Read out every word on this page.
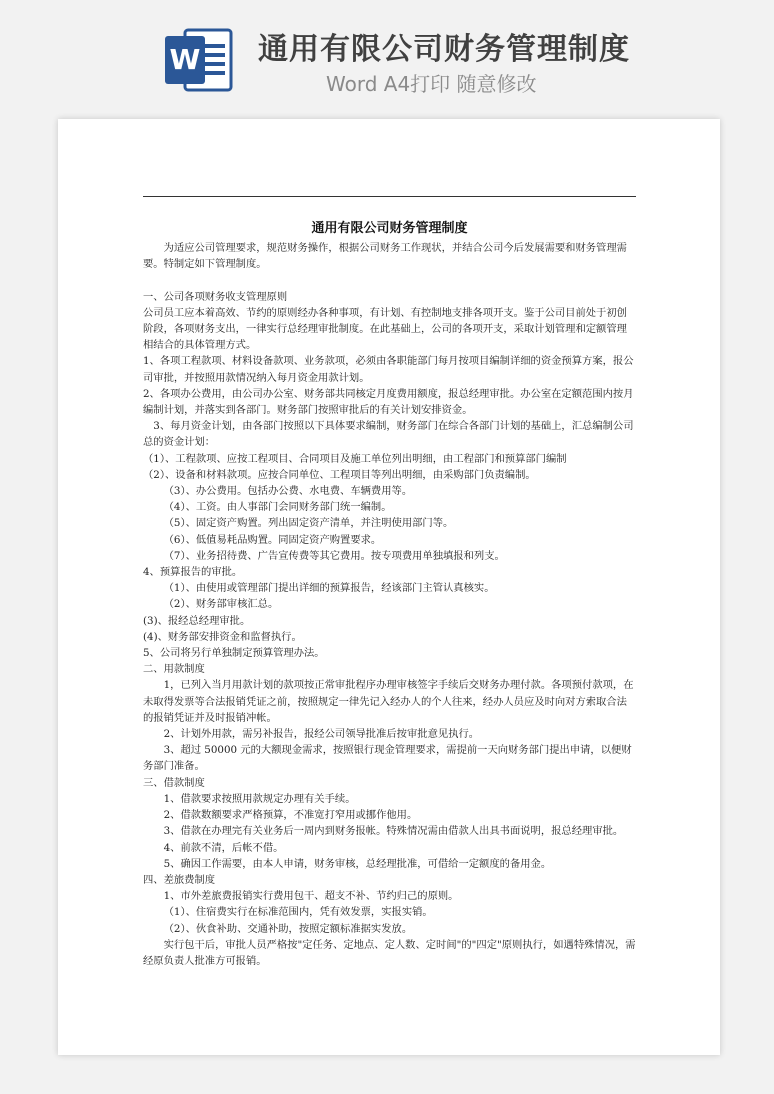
W 通用有限公司财务管理制度
Word A4打印 随意修改
通用有限公司财务管理制度

为适应公司管理要求，规范财务操作，根据公司财务工作现状，并结合公司今后发展需要和财务管理需要。特制定如下管理制度。

一、公司各项财务收支管理原则

公司员工应本着高效、节约的原则经办各种事项，有计划、有控制地支排各项开支。鉴于公司目前处于初创阶段，各项财务支出，一律实行总经理审批制度。在此基础上，公司的各项开支，采取计划管理和定额管理相结合的具体管理方式。

1、各项工程款项、材料设备款项、业务款项，必须由各职能部门每月按项目编制详细的资金预算方案，报公司审批，并按照用款情况纳入每月资金用款计划。

2、各项办公费用，由公司办公室、财务部共同核定月度费用额度，报总经理审批。办公室在定额范围内按月编制计划，并落实到各部门。财务部门按照审批后的有关计划安排资金。

3、每月资金计划，由各部门按照以下具体要求编制，财务部门在综合各部门计划的基础上，汇总编制公司总的资金计划：

（1）、工程款项、应按工程项目、合同项目及施工单位列出明细，由工程部门和预算部门编制

（2）、设备和材料款项。应按合同单位、工程项目等列出明细，由采购部门负责编制。

（3）、办公费用。包括办公费、水电费、车辆费用等。

（4）、工资。由人事部门会同财务部门统一编制。

（5）、固定资产购置。列出固定资产清单，并注明使用部门等。

（6）、低值易耗品购置。同固定资产购置要求。

（7）、业务招待费、广告宣传费等其它费用。按专项费用单独填报和列支。

4、预算报告的审批。

（1）、由使用或管理部门提出详细的预算报告，经该部门主管认真核实。

（2）、财务部审核汇总。

(3)、报经总经理审批。

(4)、财务部安排资金和监督执行。

5、公司将另行单独制定预算管理办法。

二、用款制度

1，已列入当月用款计划的款项按正常审批程序办理审核签字手续后交财务办理付款。各项预付款项，在未取得发票等合法报销凭证之前，按照规定一律先记入经办人的个人往来，经办人员应及时向对方索取合法的报销凭证并及时报销冲帐。

2、计划外用款，需另补报告，报经公司领导批准后按审批意见执行。

3、超过 50000 元的大额现金需求，按照银行现金管理要求，需提前一天向财务部门提出申请，以便财务部门准备。

三、借款制度

1、借款要求按照用款规定办理有关手续。

2、借款数额要求严格预算，不准宽打窄用或挪作他用。

3、借款在办理完有关业务后一周内到财务报帐。特殊情况需由借款人出具书面说明，报总经理审批。

4、前款不清，后帐不借。

5、确因工作需要，由本人申请，财务审核，总经理批准，可借给一定额度的备用金。

四、差旅费制度

1、市外差旅费报销实行费用包干、超支不补、节约归己的原则。

（1）、住宿费实行在标准范围内，凭有效发票，实报实销。

（2）、伙食补助、交通补助，按照定额标准据实发放。

实行包干后，审批人员严格按"定任务、定地点、定人数、定时间"的"四定"原则执行，如遇特殊情况，需经原负责人批准方可报销。
